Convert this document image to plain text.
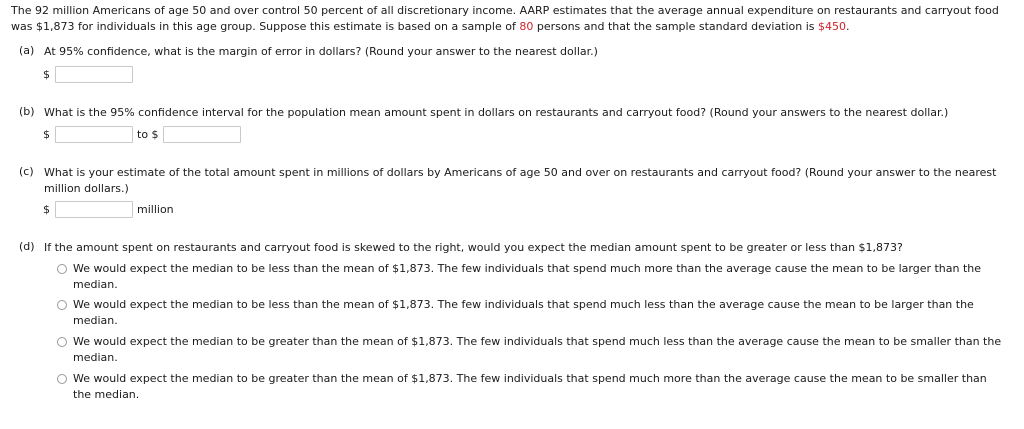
The 92 million Americans of age 50 and over control 50 percent of all discretionary income. AARP estimates that the average annual expenditure on restaurants and carryout food was $1,873 for individuals in this age group. Suppose this estimate is based on a sample of 80 persons and that the sample standard deviation is $450.
(a) At 95% confidence, what is the margin of error in dollars? (Round your answer to the nearest dollar.)
$
(b) What is the 95% confidence interval for the population mean amount spent in dollars on restaurants and carryout food? (Round your answers to the nearest dollar.)
$	to $
(c) What is your estimate of the total amount spent in millions of dollars by Americans of age 50 and over on restaurants and carryout food? (Round your answer to the nearest million dollars.)
$	million
(d) If the amount spent on restaurants and carryout food is skewed to the right, would you expect the median amount spent to be greater or less than $1,873?
We would expect the median to be less than the mean of $1,873. The few individuals that spend much more than the average cause the mean to be larger than the median.
We would expect the median to be less than the mean of $1,873. The few individuals that spend much less than the average cause the mean to be larger than the median.
We would expect the median to be greater than the mean of $1,873. The few individuals that spend much less than the average cause the mean to be smaller than the median.
We would expect the median to be greater than the mean of $1,873. The few individuals that spend much more than the average cause the mean to be smaller than the median.
